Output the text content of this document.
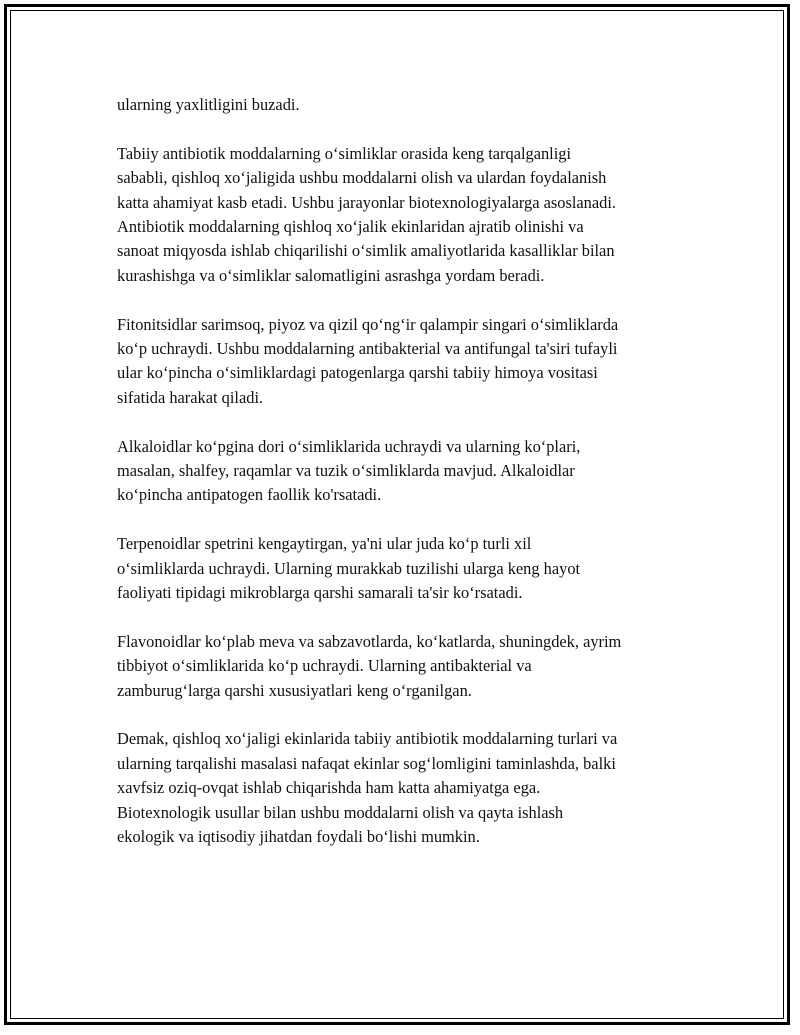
ularning yaxlitligini buzadi.

Tabiiy antibiotik moddalarning o‘simliklar orasida keng tarqalganligi
sababli, qishloq xo‘jaligida ushbu moddalarni olish va ulardan foydalanish
katta ahamiyat kasb etadi. Ushbu jarayonlar biotexnologiyalarga asoslanadi.
Antibiotik moddalarning qishloq xo‘jalik ekinlaridan ajratib olinishi va
sanoat miqyosda ishlab chiqarilishi o‘simlik amaliyotlarida kasalliklar bilan
kurashishga va o‘simliklar salomatligini asrashga yordam beradi.

Fitonitsidlar sarimsoq, piyoz va qizil qo‘ng‘ir qalampir singari o‘simliklarda
ko‘p uchraydi. Ushbu moddalarning antibakterial va antifungal ta'siri tufayli
ular ko‘pincha o‘simliklardagi patogenlarga qarshi tabiiy himoya vositasi
sifatida harakat qiladi.

Alkaloidlar ko‘pgina dori o‘simliklarida uchraydi va ularning ko‘plari,
masalan, shalfey, raqamlar va tuzik o‘simliklarda mavjud. Alkaloidlar
ko‘pincha antipatogen faollik ko'rsatadi.

Terpenoidlar spetrini kengaytirgan, ya'ni ular juda ko‘p turli xil
o‘simliklarda uchraydi. Ularning murakkab tuzilishi ularga keng hayot
faoliyati tipidagi mikroblarga qarshi samarali ta'sir ko‘rsatadi.

Flavonoidlar ko‘plab meva va sabzavotlarda, ko‘katlarda, shuningdek, ayrim
tibbiyot o‘simliklarida ko‘p uchraydi. Ularning antibakterial va
zamburug‘larga qarshi xususiyatlari keng o‘rganilgan.

Demak, qishloq xo‘jaligi ekinlarida tabiiy antibiotik moddalarning turlari va
ularning tarqalishi masalasi nafaqat ekinlar sog‘lomligini taminlashda, balki
xavfsiz oziq-ovqat ishlab chiqarishda ham katta ahamiyatga ega.
Biotexnologik usullar bilan ushbu moddalarni olish va qayta ishlash
ekologik va iqtisodiy jihatdan foydali bo‘lishi mumkin.
